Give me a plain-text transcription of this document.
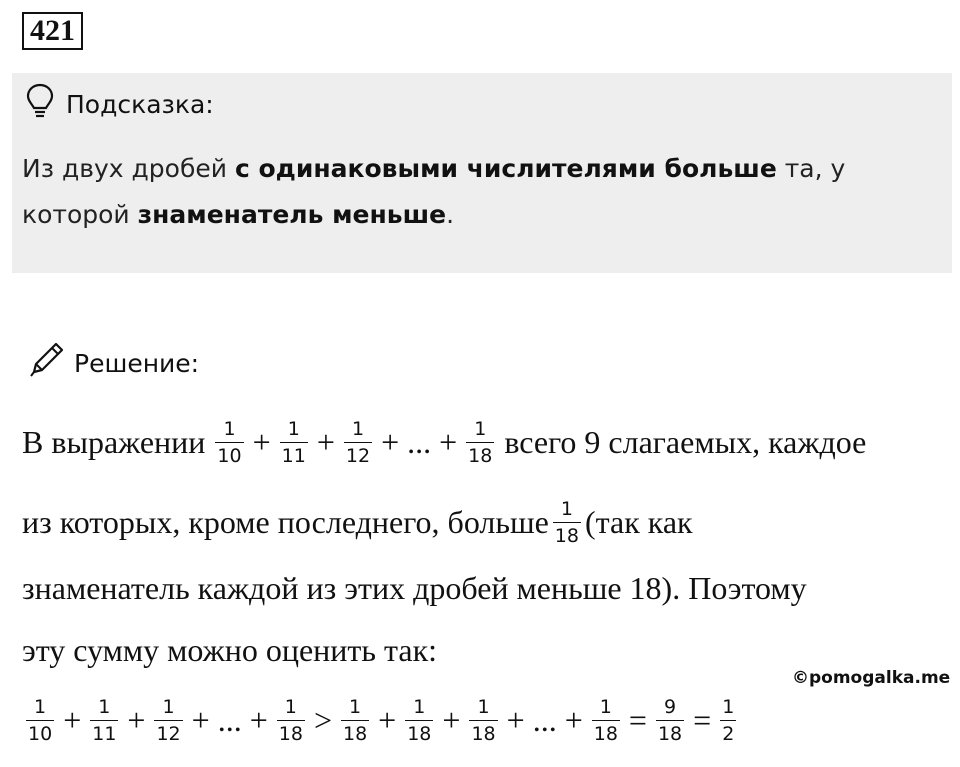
421
Подсказка:
Из двух дробей с одинаковыми числителями больше та, у которой знаменатель меньше.
Решение:
В выражении $\frac{1}{10} + \frac{1}{11} + \frac{1}{12}$ + ... + $\frac{1}{18}$ всего 9 слагаемых, каждое
из которых, кроме последнего, больше $\frac{1}{18} (так$ как
знаменатель каждой из этих дробей меньше 18). Поэтому
эту сумму можно оценить так:
$\frac{1}{10} + \frac{1}{11} + \frac{1}{12}$ + ... + $\frac{1}{18} > \frac{1}{18} + \frac{1}{18} + \frac{1}{18}$ + ... + $\frac{1}{18} = \frac{9}{18} = \frac{1}{2}$
©pomogalka.me
